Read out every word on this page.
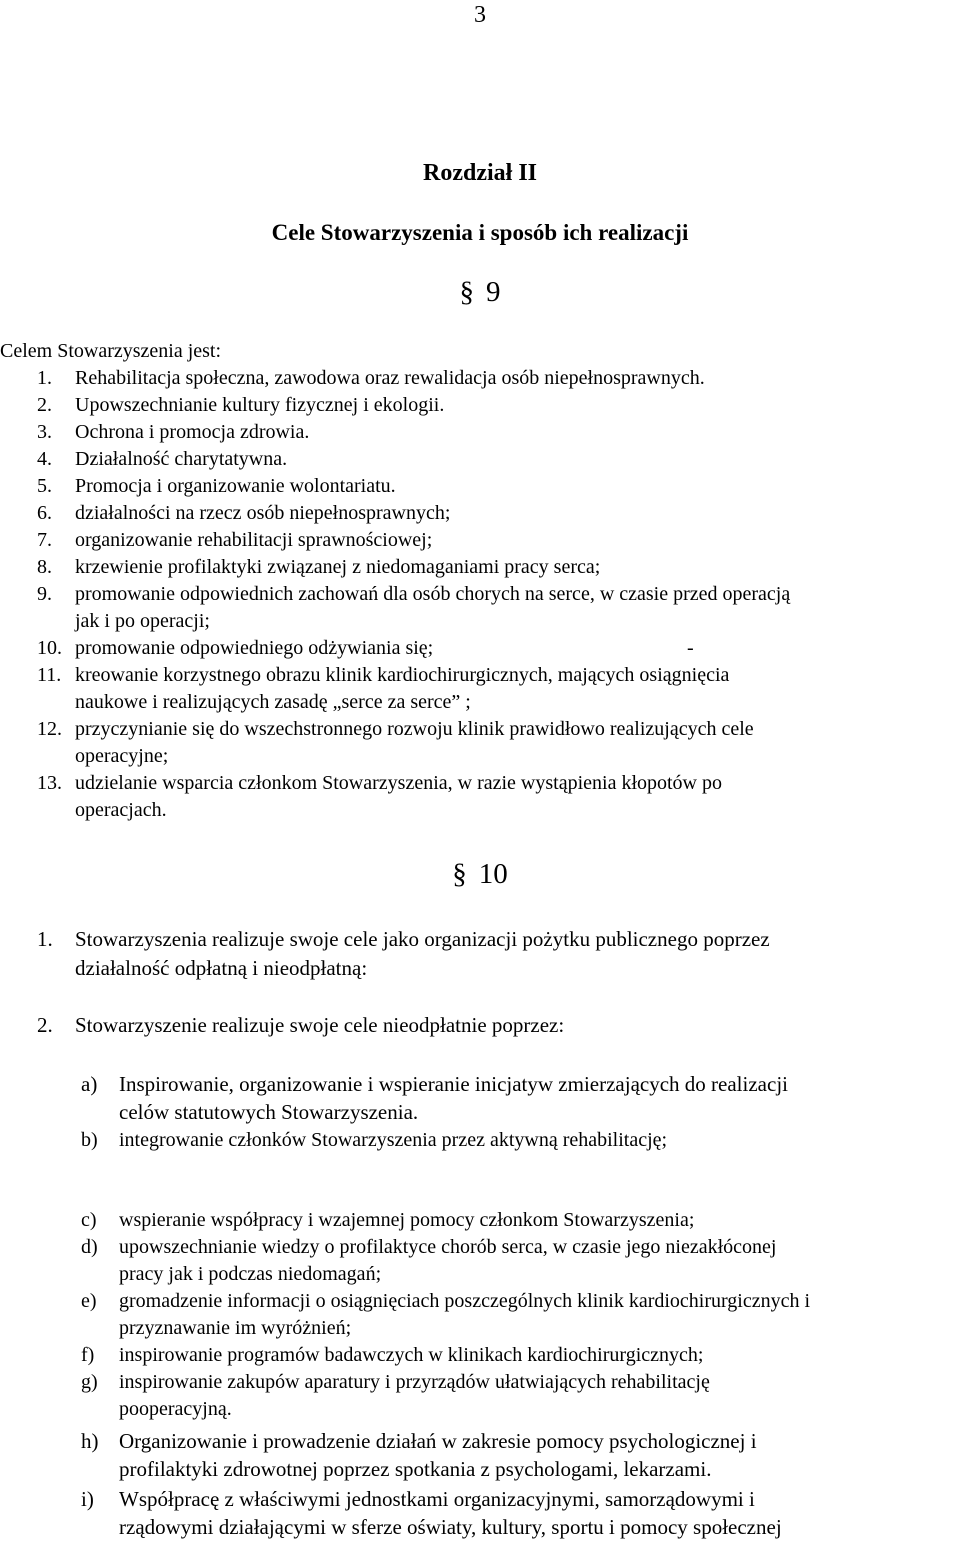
3
Rozdział II
Cele Stowarzyszenia i sposób ich realizacji
§ 9
Celem Stowarzyszenia jest:
1. Rehabilitacja społeczna, zawodowa oraz rewalidacja osób niepełnosprawnych.
2. Upowszechnianie kultury fizycznej i ekologii.
3. Ochrona i promocja zdrowia.
4. Działalność charytatywna.
5. Promocja i organizowanie wolontariatu.
6. działalności na rzecz osób niepełnosprawnych;
7. organizowanie rehabilitacji sprawnościowej;
8. krzewienie profilaktyki związanej z niedomaganiami pracy serca;
9. promowanie odpowiednich zachowań dla osób chorych na serce, w czasie przed operacją
jak i po operacji;
10. promowanie odpowiedniego odżywiania się;	-
11. kreowanie korzystnego obrazu klinik kardiochirurgicznych, mających osiągnięcia
naukowe i realizujących zasadę „serce za serce” ;
12. przyczynianie się do wszechstronnego rozwoju klinik prawidłowo realizujących cele
operacyjne;
13. udzielanie wsparcia członkom Stowarzyszenia, w razie wystąpienia kłopotów po
operacjach.
§ 10
1. Stowarzyszenia realizuje swoje cele jako organizacji pożytku publicznego poprzez
działalność odpłatną i nieodpłatną:
2. Stowarzyszenie realizuje swoje cele nieodpłatnie poprzez:
a) Inspirowanie, organizowanie i wspieranie inicjatyw zmierzających do realizacji
celów statutowych Stowarzyszenia.
b) integrowanie członków Stowarzyszenia przez aktywną rehabilitację;
c) wspieranie współpracy i wzajemnej pomocy członkom Stowarzyszenia;
d) upowszechnianie wiedzy o profilaktyce chorób serca, w czasie jego niezakłóconej
pracy jak i podczas niedomagań;
e) gromadzenie informacji o osiągnięciach poszczególnych klinik kardiochirurgicznych i
przyznawanie im wyróżnień;
f) inspirowanie programów badawczych w klinikach kardiochirurgicznych;
g) inspirowanie zakupów aparatury i przyrządów ułatwiających rehabilitację
pooperacyjną.
h) Organizowanie i prowadzenie działań w zakresie pomocy psychologicznej i
profilaktyki zdrowotnej poprzez spotkania z psychologami, lekarzami.
i) Współpracę z właściwymi jednostkami organizacyjnymi, samorządowymi i
rządowymi działającymi w sferze oświaty, kultury, sportu i pomocy społecznej
